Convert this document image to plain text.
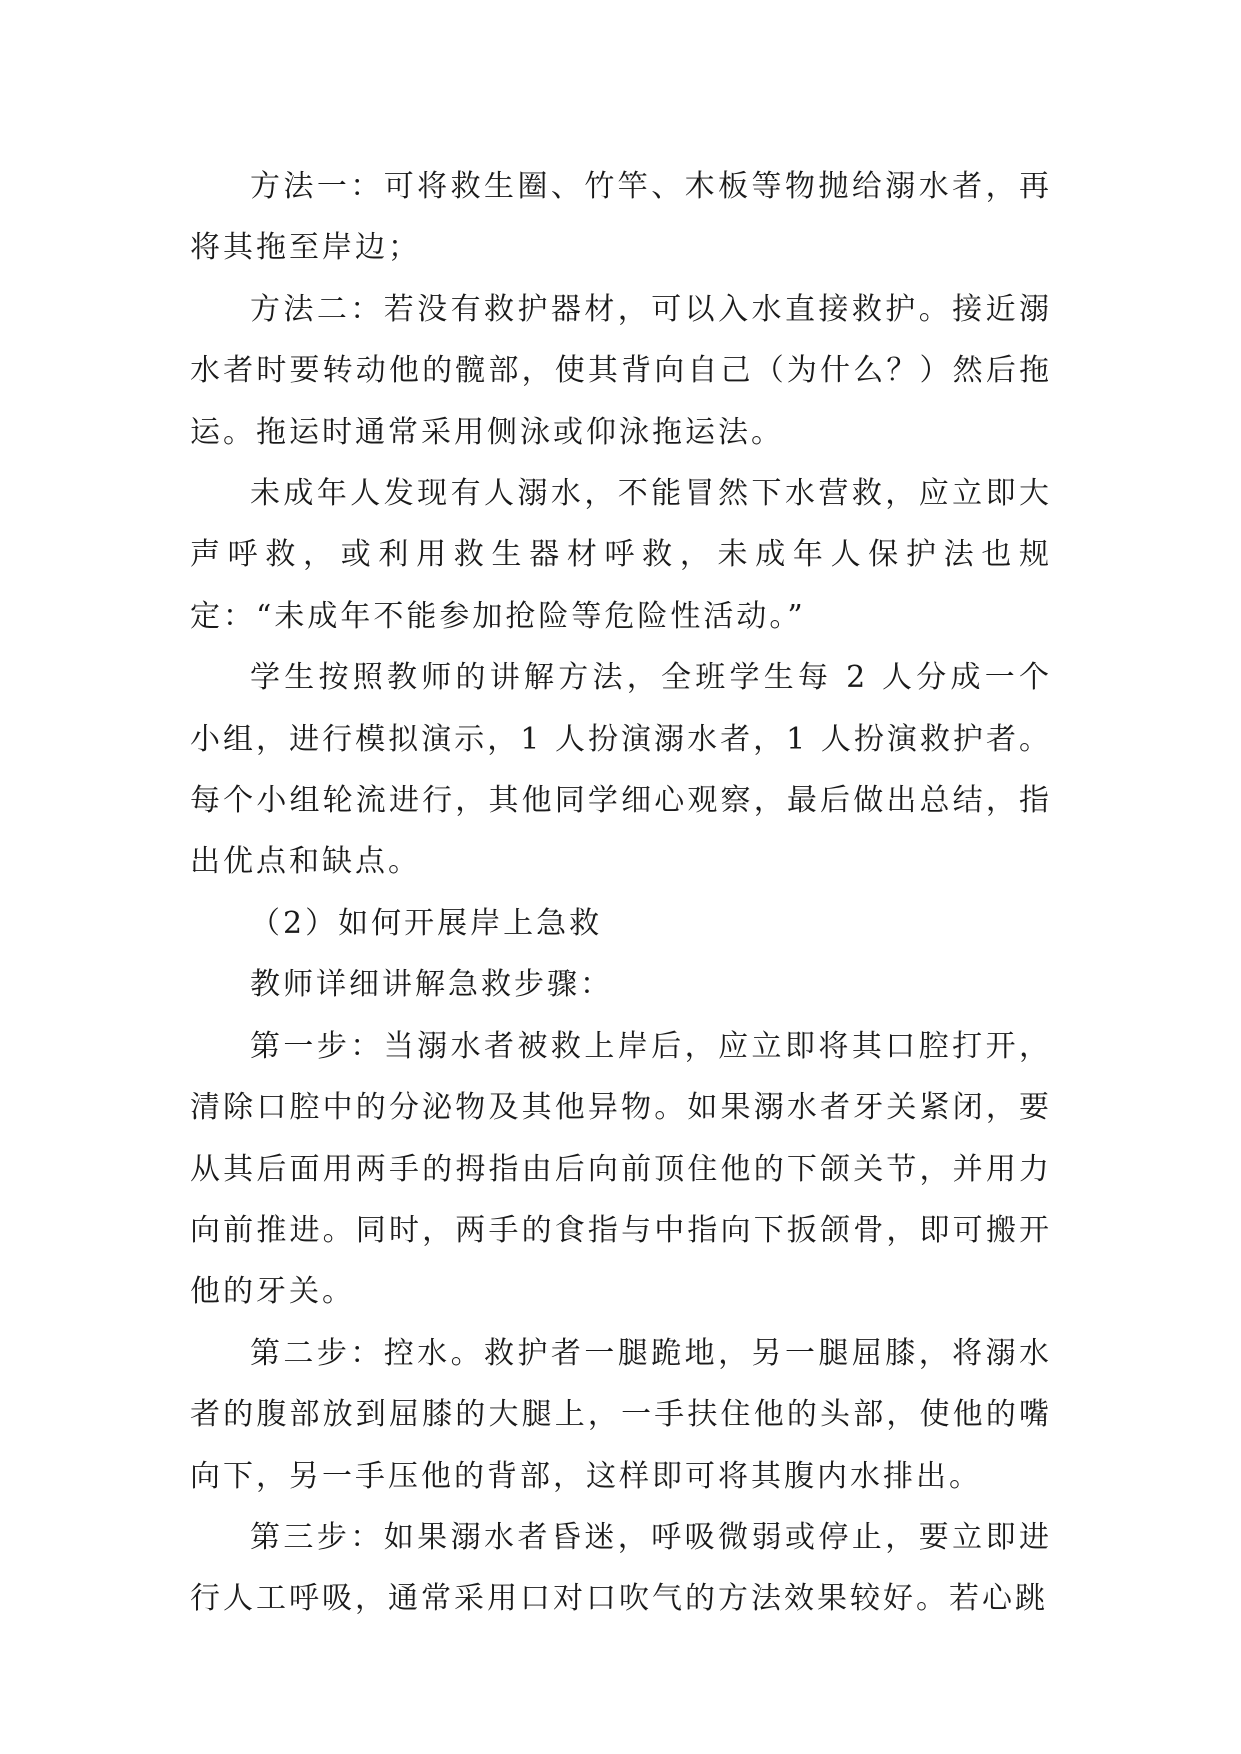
方法一：可将救生圈、竹竿、木板等物抛给溺水者，再将其拖至岸边；

方法二：若没有救护器材，可以入水直接救护。接近溺水者时要转动他的髋部，使其背向自己（为什么？）然后拖运。拖运时通常采用侧泳或仰泳拖运法。

未成年人发现有人溺水，不能冒然下水营救，应立即大声呼救，或利用救生器材呼救，未成年人保护法也规定：“未成年不能参加抢险等危险性活动。”

学生按照教师的讲解方法，全班学生每 2 人分成一个小组，进行模拟演示，1 人扮演溺水者，1 人扮演救护者。每个小组轮流进行，其他同学细心观察，最后做出总结，指出优点和缺点。

（2）如何开展岸上急救

教师详细讲解急救步骤：

第一步：当溺水者被救上岸后，应立即将其口腔打开，清除口腔中的分泌物及其他异物。如果溺水者牙关紧闭，要从其后面用两手的拇指由后向前顶住他的下颌关节，并用力向前推进。同时，两手的食指与中指向下扳颌骨，即可搬开他的牙关。

第二步：控水。救护者一腿跪地，另一腿屈膝，将溺水者的腹部放到屈膝的大腿上，一手扶住他的头部，使他的嘴向下，另一手压他的背部，这样即可将其腹内水排出。

第三步：如果溺水者昏迷，呼吸微弱或停止，要立即进行人工呼吸，通常采用口对口吹气的方法效果较好。若心跳
